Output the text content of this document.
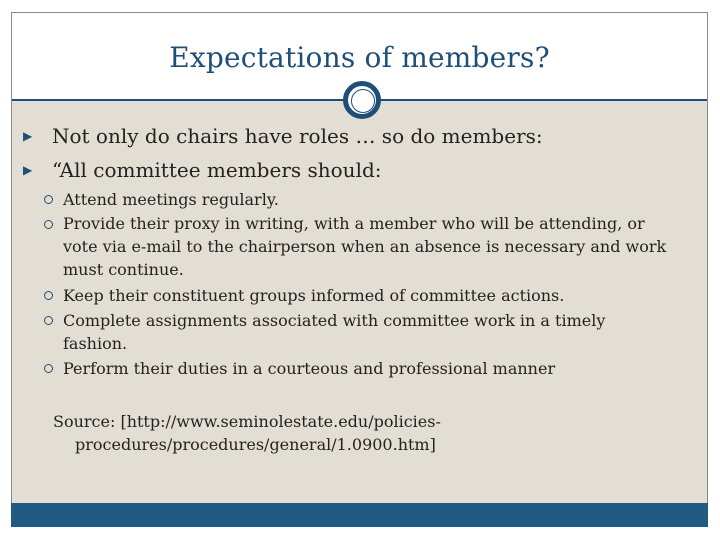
Expectations of members?
▶ Not only do chairs have roles … so do members:
▶ “All committee members should:
Attend meetings regularly.
Provide their proxy in writing, with a member who will be attending, or vote via e-mail to the chairperson when an absence is necessary and work must continue.
Keep their constituent groups informed of committee actions.
Complete assignments associated with committee work in a timely fashion.
Perform their duties in a courteous and professional manner
Source: [http://www.seminolestate.edu/policies-procedures/procedures/general/1.0900.htm]
